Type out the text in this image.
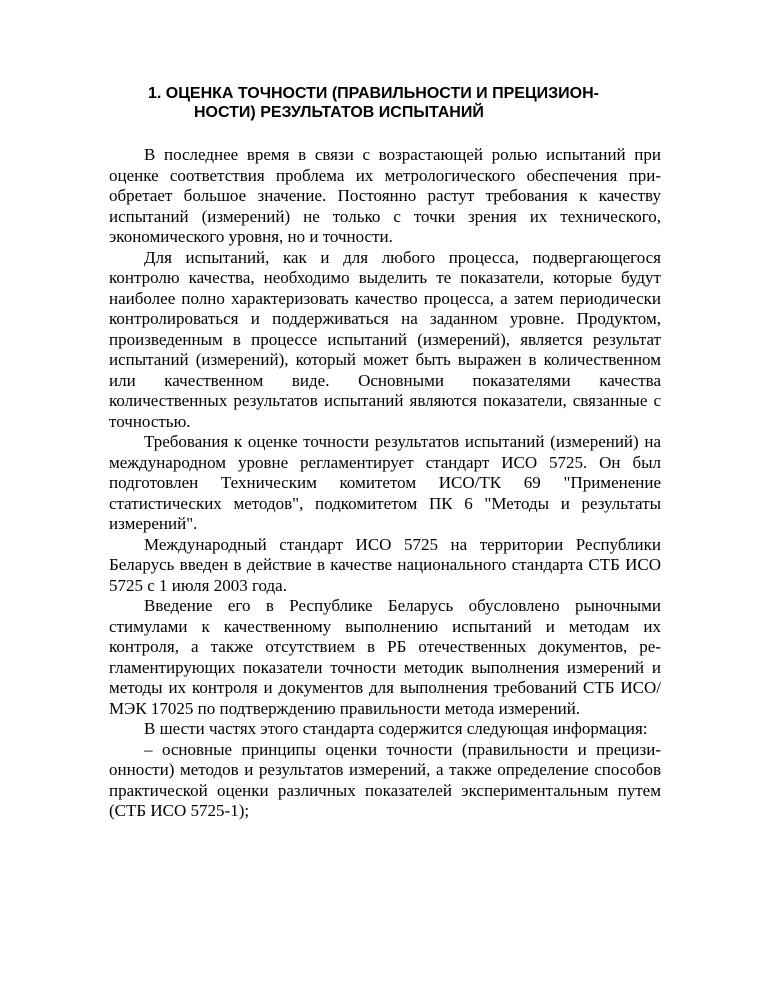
1. ОЦЕНКА ТОЧНОСТИ (ПРАВИЛЬНОСТИ И ПРЕЦИЗИОН-
НОСТИ) РЕЗУЛЬТАТОВ ИСПЫТАНИЙ

В последнее время в связи с возрастающей ролью испытаний при оценке соответствия проблема их метрологического обеспечения приобретает большое значение. Постоянно растут требования к качеству испытаний (измерений) не только с точки зрения их технического, экономического уровня, но и точности.

Для испытаний, как и для любого процесса, подвергающегося контролю качества, необходимо выделить те показатели, которые будут наиболее полно характеризовать качество процесса, а затем периодически контролироваться и поддерживаться на заданном уровне. Продуктом, произведенным в процессе испытаний (измерений), является результат испытаний (измерений), который может быть выражен в количественном или качественном виде. Основными показателями качества количественных результатов испытаний являются показатели, связанные с точностью.

Требования к оценке точности результатов испытаний (измерений) на международном уровне регламентирует стандарт ИСО 5725. Он был подготовлен Техническим комитетом ИСО/ТК 69 "Применение статистических методов", подкомитетом ПК 6 "Методы и результаты измерений".

Международный стандарт ИСО 5725 на территории Республики Беларусь введен в действие в качестве национального стандарта СТБ ИСО 5725 с 1 июля 2003 года.

Введение его в Республике Беларусь обусловлено рыночными стимулами к качественному выполнению испытаний и методам их контроля, а также отсутствием в РБ отечественных документов, регламентирующих показатели точности методик выполнения измерений и методы их контроля и документов для выполнения требований СТБ ИСО/МЭК 17025 по подтверждению правильности метода измерений.

В шести частях этого стандарта содержится следующая информация:

– основные принципы оценки точности (правильности и прецизионности) методов и результатов измерений, а также определение способов практической оценки различных показателей экспериментальным путем (СТБ ИСО 5725-1);
